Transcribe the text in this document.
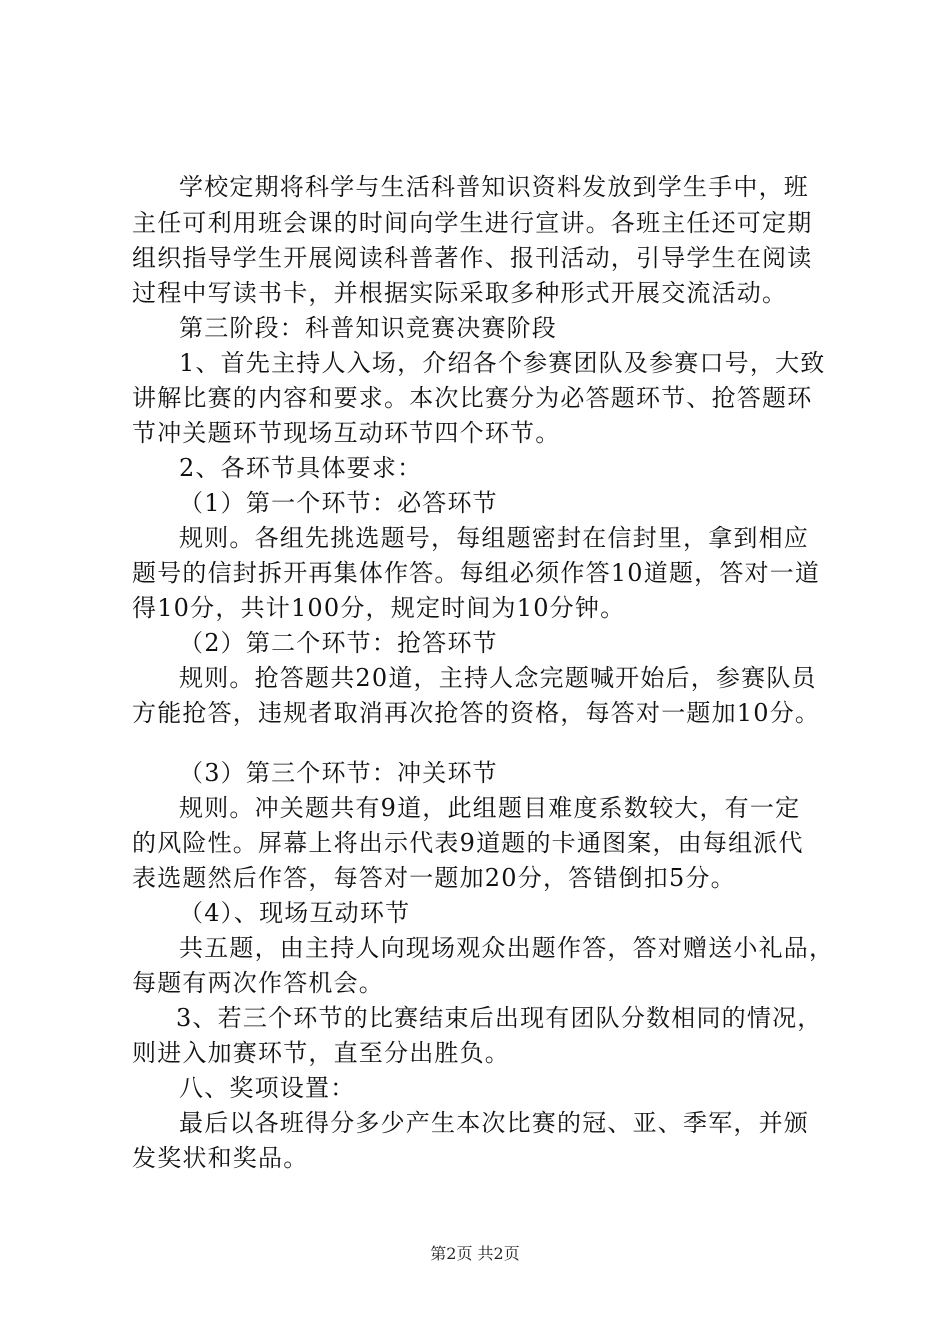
学校定期将科学与生活科普知识资料发放到学生手中，班
主任可利用班会课的时间向学生进行宣讲。各班主任还可定期
组织指导学生开展阅读科普著作、报刊活动，引导学生在阅读
过程中写读书卡，并根据实际采取多种形式开展交流活动。
第三阶段：科普知识竞赛决赛阶段
1、首先主持人入场，介绍各个参赛团队及参赛口号，大致
讲解比赛的内容和要求。本次比赛分为必答题环节、抢答题环
节冲关题环节现场互动环节四个环节。
2、各环节具体要求：
（1）第一个环节：必答环节
规则。各组先挑选题号，每组题密封在信封里，拿到相应
题号的信封拆开再集体作答。每组必须作答10道题，答对一道
得10分，共计100分，规定时间为10分钟。
（2）第二个环节：抢答环节
规则。抢答题共20道，主持人念完题喊开始后，参赛队员
方能抢答，违规者取消再次抢答的资格，每答对一题加10分。
（3）第三个环节：冲关环节
规则。冲关题共有9道，此组题目难度系数较大，有一定
的风险性。屏幕上将出示代表9道题的卡通图案，由每组派代
表选题然后作答，每答对一题加20分，答错倒扣5分。
（4）、现场互动环节
共五题，由主持人向现场观众出题作答，答对赠送小礼品，
每题有两次作答机会。
3、若三个环节的比赛结束后出现有团队分数相同的情况，
则进入加赛环节，直至分出胜负。
八、奖项设置：
最后以各班得分多少产生本次比赛的冠、亚、季军，并颁
发奖状和奖品。
第2页 共2页
